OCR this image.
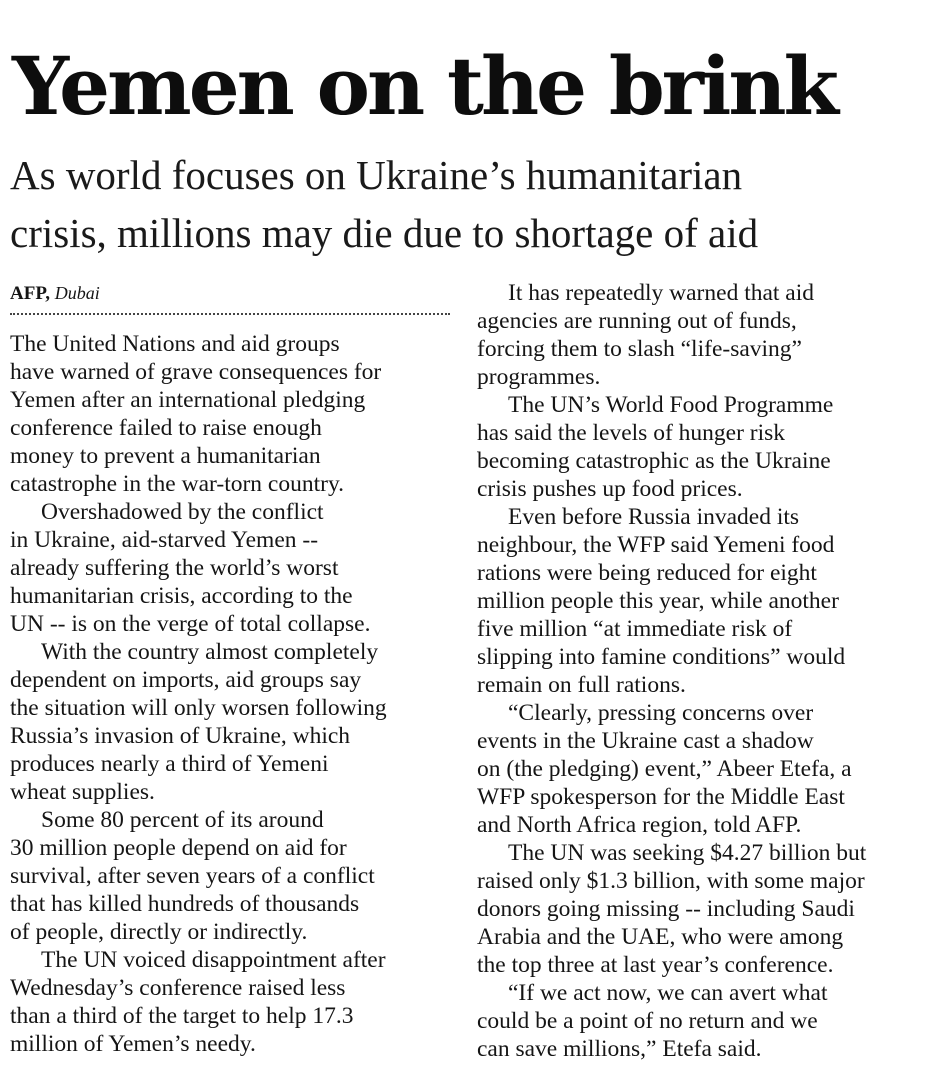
Yemen on the brink
As world focuses on Ukraine’s humanitarian
crisis, millions may die due to shortage of aid
AFP, Dubai
The United Nations and aid groups
have warned of grave consequences for
Yemen after an international pledging
conference failed to raise enough
money to prevent a humanitarian
catastrophe in the war-torn country.
Overshadowed by the conflict
in Ukraine, aid-starved Yemen --
already suffering the world’s worst
humanitarian crisis, according to the
UN -- is on the verge of total collapse.
With the country almost completely
dependent on imports, aid groups say
the situation will only worsen following
Russia’s invasion of Ukraine, which
produces nearly a third of Yemeni
wheat supplies.
Some 80 percent of its around
30 million people depend on aid for
survival, after seven years of a conflict
that has killed hundreds of thousands
of people, directly or indirectly.
The UN voiced disappointment after
Wednesday’s conference raised less
than a third of the target to help 17.3
million of Yemen’s needy.
It has repeatedly warned that aid
agencies are running out of funds,
forcing them to slash “life-saving”
programmes.
The UN’s World Food Programme
has said the levels of hunger risk
becoming catastrophic as the Ukraine
crisis pushes up food prices.
Even before Russia invaded its
neighbour, the WFP said Yemeni food
rations were being reduced for eight
million people this year, while another
five million “at immediate risk of
slipping into famine conditions” would
remain on full rations.
“Clearly, pressing concerns over
events in the Ukraine cast a shadow
on (the pledging) event,” Abeer Etefa, a
WFP spokesperson for the Middle East
and North Africa region, told AFP.
The UN was seeking $4.27 billion but
raised only $1.3 billion, with some major
donors going missing -- including Saudi
Arabia and the UAE, who were among
the top three at last year’s conference.
“If we act now, we can avert what
could be a point of no return and we
can save millions,” Etefa said.
